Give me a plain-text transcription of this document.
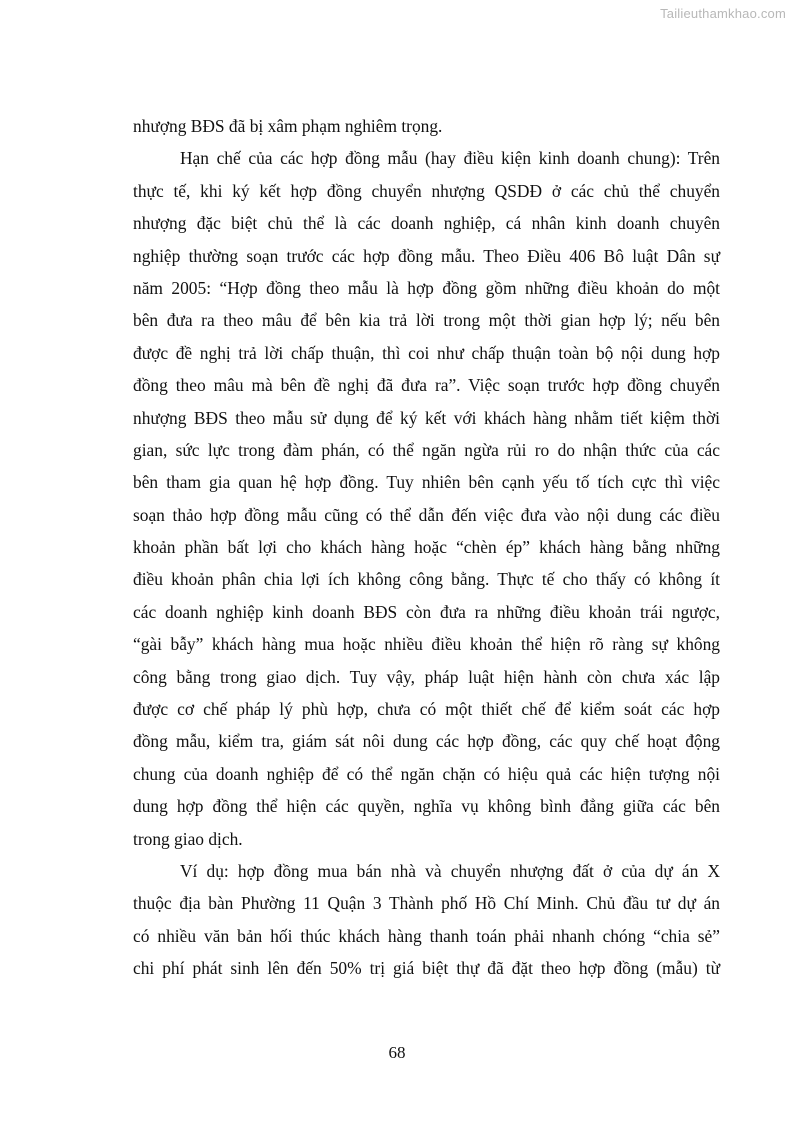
Tailieuthamkhao.com
nhượng BĐS đã bị xâm phạm nghiêm trọng.
Hạn chế của các hợp đồng mẫu (hay điều kiện kinh doanh chung): Trên
thực tế, khi ký kết hợp đồng chuyển nhượng QSDĐ ở các chủ thể chuyển
nhượng đặc biệt chủ thể là các doanh nghiệp, cá nhân kinh doanh chuyên
nghiệp thường soạn trước các hợp đồng mẫu. Theo Điều 406 Bô luật Dân sự
năm 2005: “Hợp đồng theo mẫu là hợp đồng gồm những điều khoản do một
bên đưa ra theo mâu để bên kia trả lời trong một thời gian hợp lý; nếu bên
được đề nghị trả lời chấp thuận, thì coi như chấp thuận toàn bộ nội dung hợp
đồng theo mâu mà bên đề nghị đã đưa ra”. Việc soạn trước hợp đồng chuyển
nhượng BĐS theo mẫu sử dụng để ký kết với khách hàng nhằm tiết kiệm thời
gian, sức lực trong đàm phán, có thể ngăn ngừa rủi ro do nhận thức của các
bên tham gia quan hệ hợp đồng. Tuy nhiên bên cạnh yếu tố tích cực thì việc
soạn thảo hợp đồng mẫu cũng có thể dẫn đến việc đưa vào nội dung các điều
khoản phần bất lợi cho khách hàng hoặc “chèn ép” khách hàng bằng những
điều khoản phân chia lợi ích không công bằng. Thực tế cho thấy có không ít
các doanh nghiệp kinh doanh BĐS còn đưa ra những điều khoản trái ngược,
“gài bẫy” khách hàng mua hoặc nhiều điều khoản thể hiện rõ ràng sự không
công bằng trong giao dịch. Tuy vậy, pháp luật hiện hành còn chưa xác lập
được cơ chế pháp lý phù hợp, chưa có một thiết chế để kiểm soát các hợp
đồng mẫu, kiểm tra, giám sát nôi dung các hợp đồng, các quy chế hoạt động
chung của doanh nghiệp để có thể ngăn chặn có hiệu quả các hiện tượng nội
dung hợp đồng thể hiện các quyền, nghĩa vụ không bình đẳng giữa các bên
trong giao dịch.
Ví dụ: hợp đồng mua bán nhà và chuyển nhượng đất ở của dự án X
thuộc địa bàn Phường 11 Quận 3 Thành phố Hồ Chí Minh. Chủ đầu tư dự án
có nhiều văn bản hối thúc khách hàng thanh toán phải nhanh chóng “chia sẻ”
chi phí phát sinh lên đến 50% trị giá biệt thự đã đặt theo hợp đồng (mẫu) từ
68
